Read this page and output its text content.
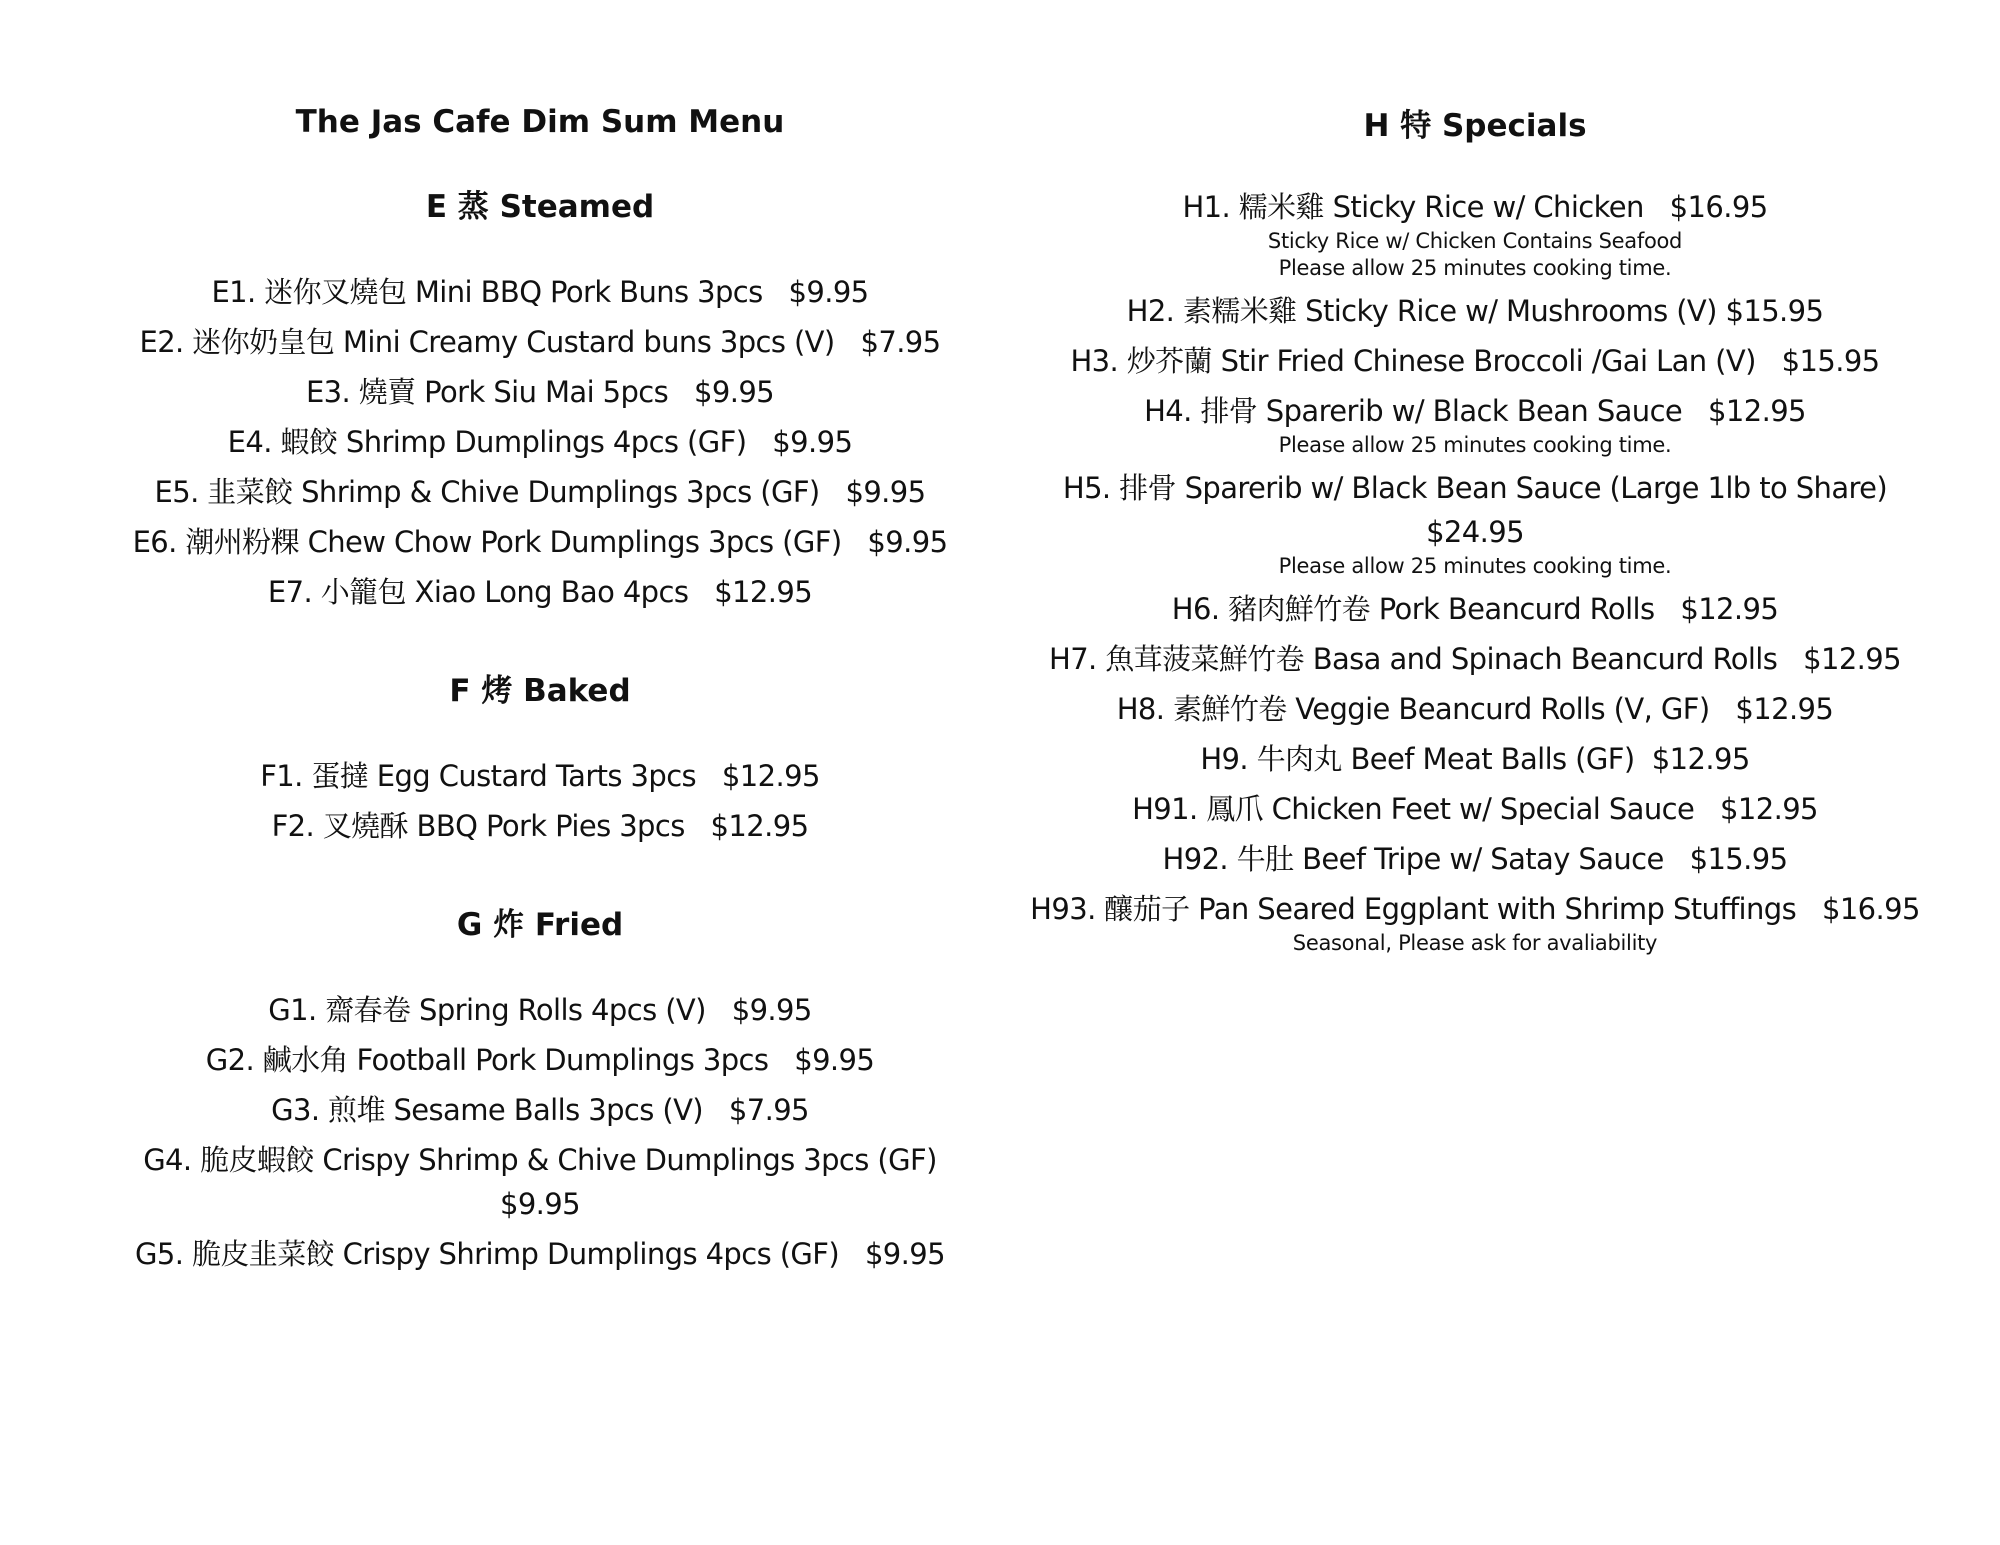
The Jas Cafe Dim Sum Menu
E 蒸 Steamed
E1. 迷你叉燒包 Mini BBQ Pork Buns 3pcs   $9.95
E2. 迷你奶皇包 Mini Creamy Custard buns 3pcs (V)   $7.95
E3. 燒賣 Pork Siu Mai 5pcs   $9.95
E4. 蝦餃 Shrimp Dumplings 4pcs (GF)   $9.95
E5. 韭菜餃 Shrimp & Chive Dumplings 3pcs (GF)   $9.95
E6. 潮州粉粿 Chew Chow Pork Dumplings 3pcs (GF)   $9.95
E7. 小籠包 Xiao Long Bao 4pcs   $12.95
F 烤 Baked
F1. 蛋撻 Egg Custard Tarts 3pcs   $12.95
F2. 叉燒酥 BBQ Pork Pies 3pcs   $12.95
G 炸 Fried
G1. 齋春卷 Spring Rolls 4pcs (V)   $9.95
G2. 鹹水角 Football Pork Dumplings 3pcs   $9.95
G3. 煎堆 Sesame Balls 3pcs (V)   $7.95
G4. 脆皮蝦餃 Crispy Shrimp & Chive Dumplings 3pcs (GF)
$9.95
G5. 脆皮韭菜餃 Crispy Shrimp Dumplings 4pcs (GF)   $9.95
H 特 Specials
H1. 糯米雞 Sticky Rice w/ Chicken   $16.95
Sticky Rice w/ Chicken Contains Seafood
Please allow 25 minutes cooking time.
H2. 素糯米雞 Sticky Rice w/ Mushrooms (V) $15.95
H3. 炒芥蘭 Stir Fried Chinese Broccoli /Gai Lan (V)   $15.95
H4. 排骨 Sparerib w/ Black Bean Sauce   $12.95
Please allow 25 minutes cooking time.
H5. 排骨 Sparerib w/ Black Bean Sauce (Large 1lb to Share)
$24.95
Please allow 25 minutes cooking time.
H6. 豬肉鮮竹卷 Pork Beancurd Rolls   $12.95
H7. 魚茸菠菜鮮竹卷 Basa and Spinach Beancurd Rolls   $12.95
H8. 素鮮竹卷 Veggie Beancurd Rolls (V, GF)   $12.95
H9. 牛肉丸 Beef Meat Balls (GF)  $12.95
H91. 鳳爪 Chicken Feet w/ Special Sauce   $12.95
H92. 牛肚 Beef Tripe w/ Satay Sauce   $15.95
H93. 釀茄子 Pan Seared Eggplant with Shrimp Stuffings   $16.95
Seasonal, Please ask for avaliability
